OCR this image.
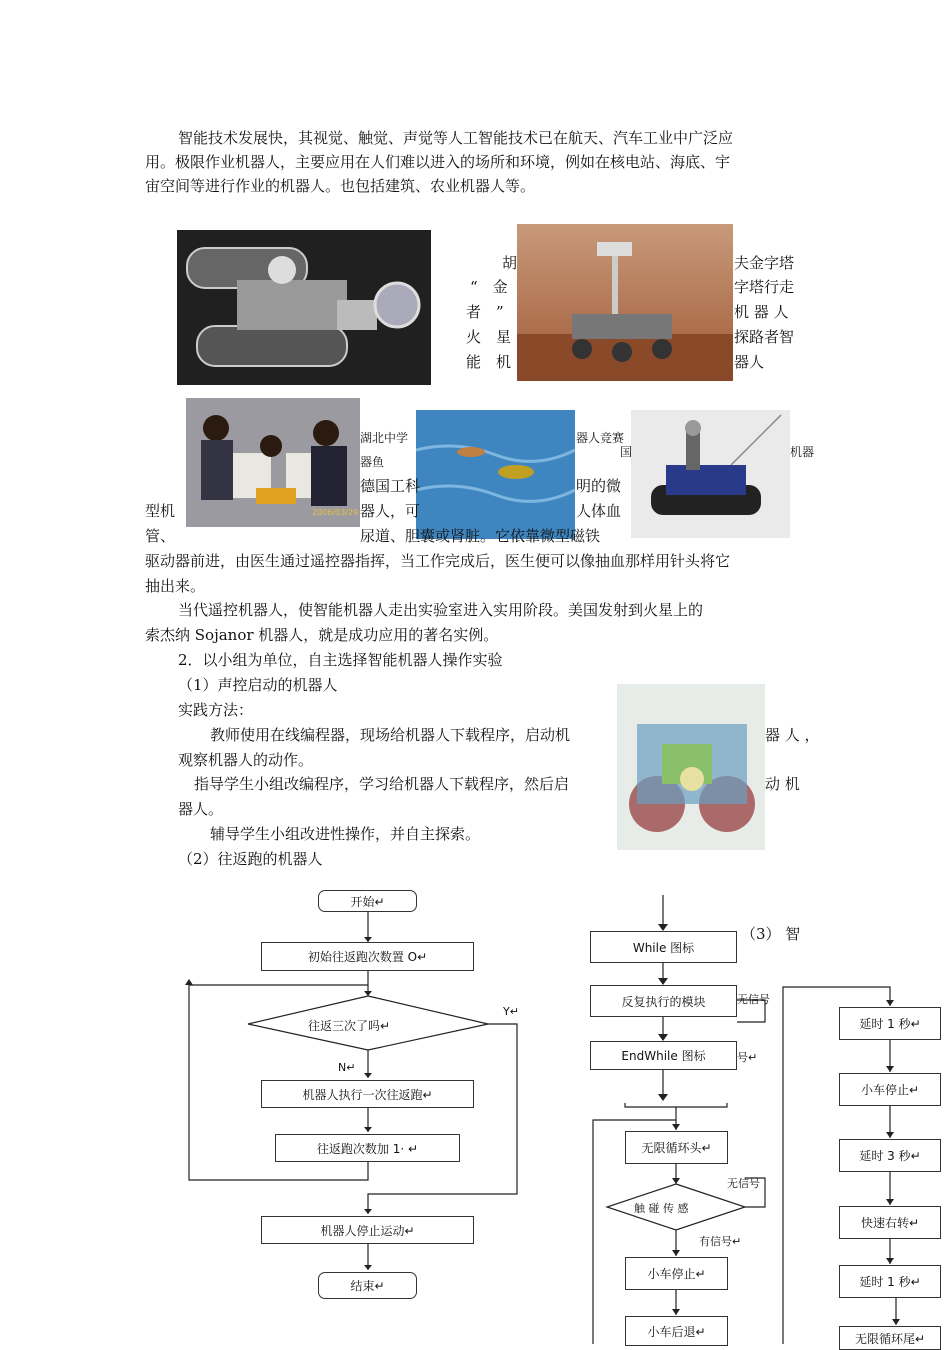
智能技术发展快，其视觉、触觉、声觉等人工智能技术已在航天、汽车工业中广泛应
用。极限作业机器人，主要应用在人们难以进入的场所和环境，例如在核电站、海底、宇
宙空间等进行作业的机器人。也包括建筑、农业机器人等。
胡	夫金字塔
“　金	字塔行走
者　”	机 器 人
火　星	探路者智
能　机	器人
2006/03/29
湖北中学	器人竞赛
国	机器
器鱼
德国工科	明的微
型机	器人，可	人体血
管、	尿道、胆囊或肾脏。它依靠微型磁铁
驱动器前进，由医生通过遥控器指挥，当工作完成后，医生便可以像抽血那样用针头将它
抽出来。
当代遥控机器人，使智能机器人走出实验室进入实用阶段。美国发射到火星上的
索杰纳 Sojanor 机器人，就是成功应用的著名实例。
2．以小组为单位，自主选择智能机器人操作实验
（1）声控启动的机器人
实践方法：
教师使用在线编程器，现场给机器人下载程序，启动机	器 人 ，
观察机器人的动作。
指导学生小组改编程序，学习给机器人下载程序，然后启	动 机
器人。
辅导学生小组改进性操作，并自主探索。
（2）往返跑的机器人
（3） 智
开始↵
初始往返跑次数置 O↵
往返三次了吗↵
Y↵
N↵
机器人执行一次往返跑↵
往返跑次数加 1· ↵
机器人停止运动↵
结束↵
While 图标
反复执行的模块	无信号
EndWhile 图标	号↵
无限循环头↵
触 碰 传 感
无信号
有信号↵
小车停止↵
小车后退↵
延时 1 秒↵
小车停止↵
延时 3 秒↵
快速右转↵
延时 1 秒↵
无限循环尾↵
